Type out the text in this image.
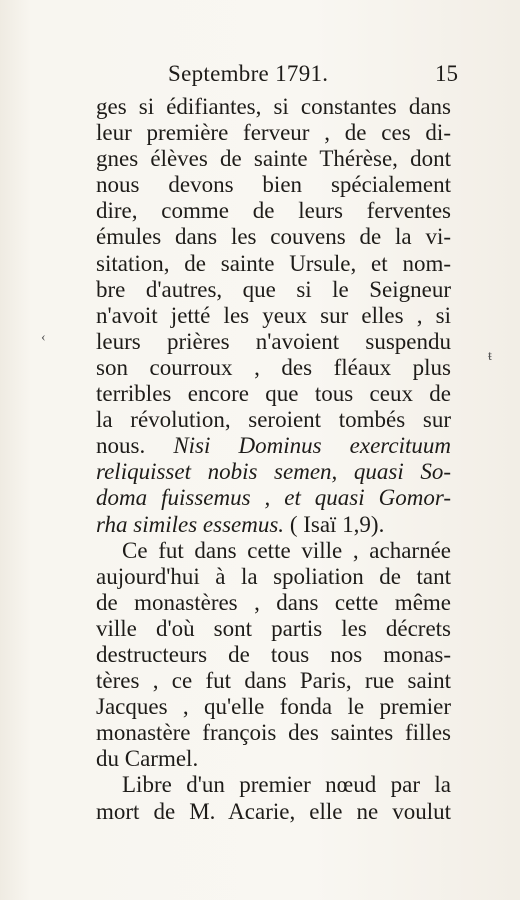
Septembre 1791.	15
‹
ŧ
ges si édifiantes, si constantes dans
leur première ferveur , de ces di-
gnes élèves de sainte Thérèse, dont
nous devons bien spécialement
dire, comme de leurs ferventes
émules dans les couvens de la vi-
sitation, de sainte Ursule, et nom-
bre d'autres, que si le Seigneur
n'avoit jetté les yeux sur elles , si
leurs prières n'avoient suspendu
son courroux , des fléaux plus
terribles encore que tous ceux de
la révolution, seroient tombés sur
nous. Nisi Dominus exercituum
reliquisset nobis semen, quasi So-
doma fuissemus , et quasi Gomor-
rha similes essemus. ( Isaï 1,9).
Ce fut dans cette ville , acharnée
aujourd'hui à la spoliation de tant
de monastères , dans cette même
ville d'où sont partis les décrets
destructeurs de tous nos monas-
tères , ce fut dans Paris, rue saint
Jacques , qu'elle fonda le premier
monastère françois des saintes filles
du Carmel.
Libre d'un premier nœud par la
mort de M. Acarie, elle ne voulut
